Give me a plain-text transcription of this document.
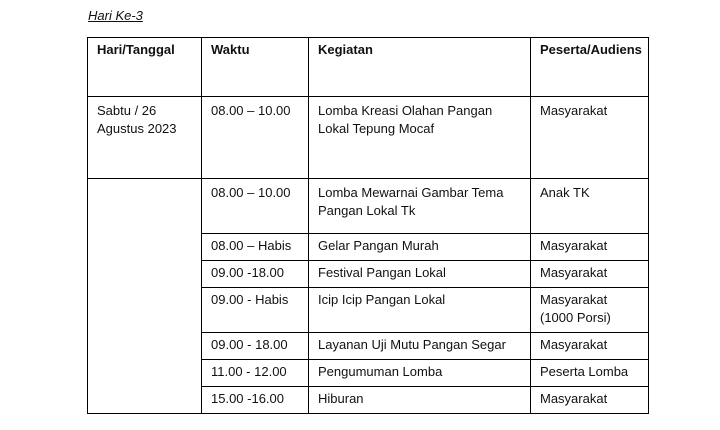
Hari Ke-3
Hari/Tanggal	Waktu	Kegiatan	Peserta/Audiens
Sabtu / 26 Agustus 2023	08.00 – 10.00	Lomba Kreasi Olahan Pangan Lokal Tepung Mocaf	Masyarakat
	08.00 – 10.00	Lomba Mewarnai Gambar Tema Pangan Lokal Tk	Anak TK
	08.00 – Habis	Gelar Pangan Murah	Masyarakat
	09.00 -18.00	Festival Pangan Lokal	Masyarakat
	09.00 - Habis	Icip Icip Pangan Lokal	Masyarakat (1000 Porsi)
	09.00 - 18.00	Layanan Uji Mutu Pangan Segar	Masyarakat
	11.00 - 12.00	Pengumuman Lomba	Peserta Lomba
	15.00 -16.00	Hiburan	Masyarakat
